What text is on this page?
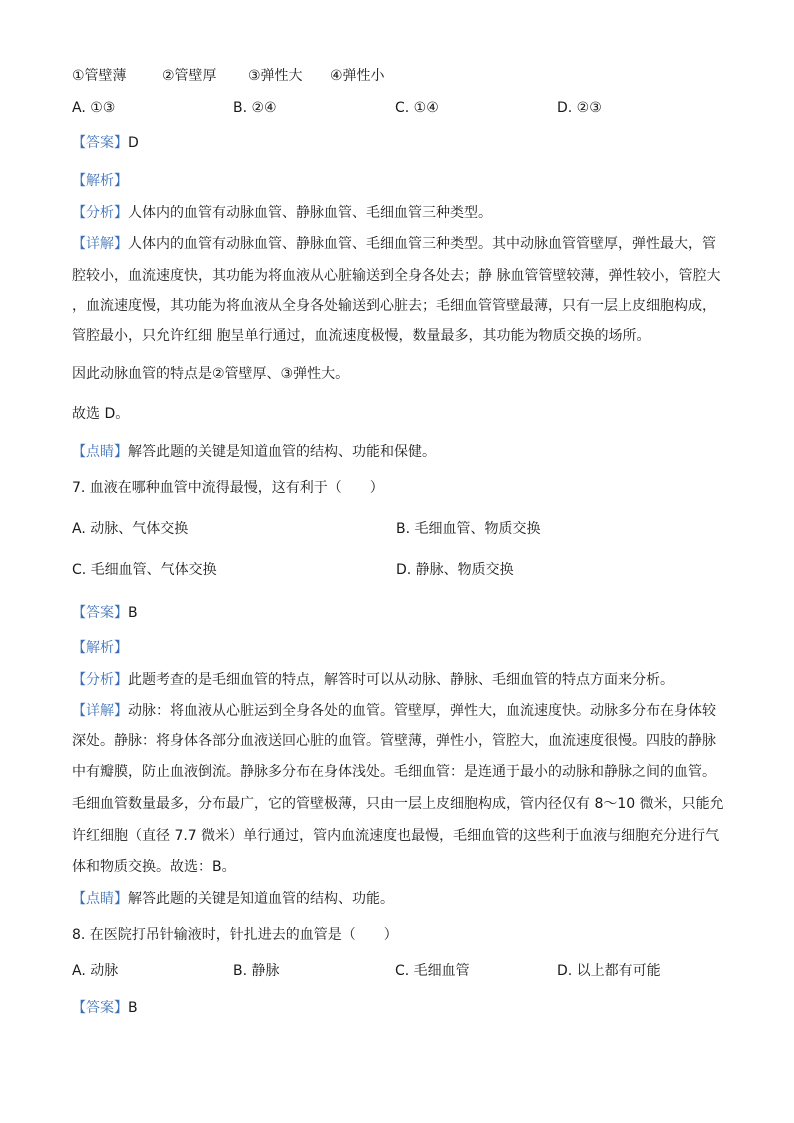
①管壁薄	②管壁厚 ③弹性大 ④弹性小
A. ①③	B. ②④	C. ①④	D. ②③
【答案】D
【解析】
【分析】人体内的血管有动脉血管、静脉血管、毛细血管三种类型。
【详解】人体内的血管有动脉血管、静脉血管、毛细血管三种类型。其中动脉血管管壁厚，弹性最大，管
腔较小，血流速度快，其功能为将血液从心脏输送到全身各处去；静 脉血管管壁较薄，弹性较小，管腔大
，血流速度慢，其功能为将血液从全身各处输送到心脏去；毛细血管管壁最薄，只有一层上皮细胞构成，
管腔最小，只允许红细 胞呈单行通过，血流速度极慢，数量最多，其功能为物质交换的场所。
因此动脉血管的特点是②管壁厚、③弹性大。
故选 D。
【点睛】解答此题的关键是知道血管的结构、功能和保健。
7. 血液在哪种血管中流得最慢，这有利于（　　）
A. 动脉、气体交换	B. 毛细血管、物质交换
C. 毛细血管、气体交换	D. 静脉、物质交换
【答案】B
【解析】
【分析】此题考查的是毛细血管的特点，解答时可以从动脉、静脉、毛细血管的特点方面来分析。
【详解】动脉：将血液从心脏运到全身各处的血管。管壁厚，弹性大，血流速度快。动脉多分布在身体较
深处。静脉：将身体各部分血液送回心脏的血管。管壁薄，弹性小，管腔大，血流速度很慢。四肢的静脉
中有瓣膜，防止血液倒流。静脉多分布在身体浅处。毛细血管：是连通于最小的动脉和静脉之间的血管。
毛细血管数量最多，分布最广，它的管壁极薄，只由一层上皮细胞构成，管内径仅有 8～10 微米，只能允
许红细胞（直径 7.7 微米）单行通过，管内血流速度也最慢，毛细血管的这些利于血液与细胞充分进行气
体和物质交换。故选：B。
【点睛】解答此题的关键是知道血管的结构、功能。
8. 在医院打吊针输液时，针扎进去的血管是（　　）
A. 动脉	B. 静脉	C. 毛细血管	D. 以上都有可能
【答案】B
